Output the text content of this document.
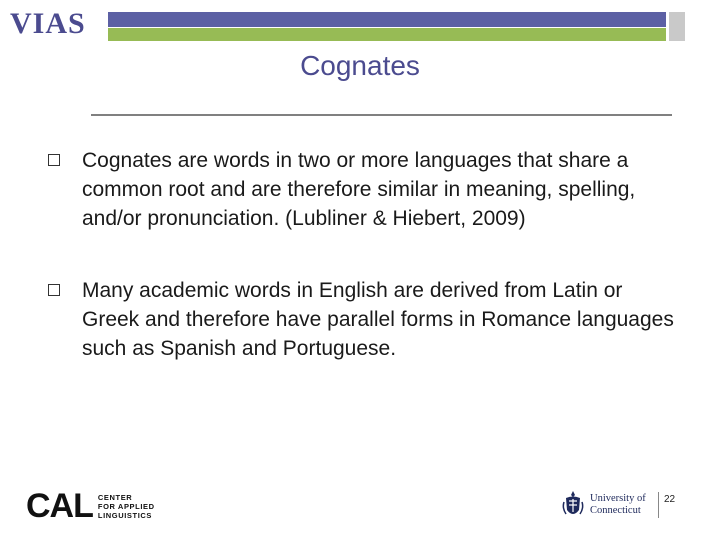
VIAS
Cognates
Cognates are words in two or more languages that share a common root and are therefore similar in meaning, spelling, and/or pronunciation. (Lubliner & Hiebert, 2009)
Many academic words in English are derived from Latin or Greek and therefore have parallel forms in Romance languages such as Spanish and Portuguese.
CAL CENTER
FOR APPLIED
LINGUISTICS
University of
Connecticut
22
